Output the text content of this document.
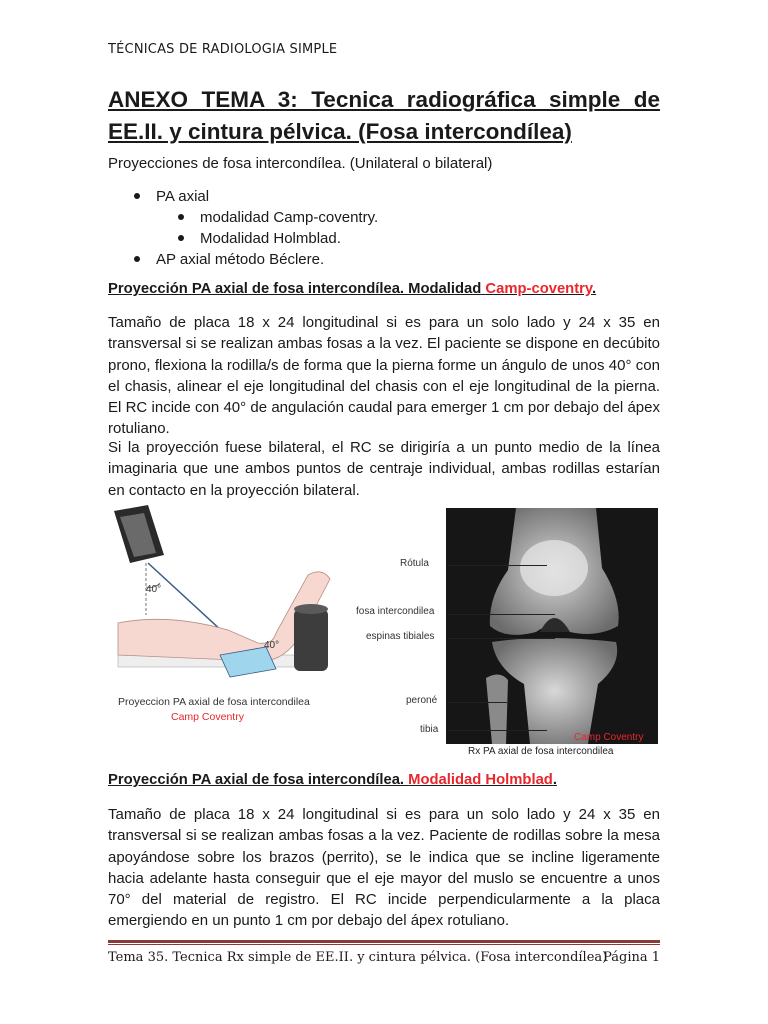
TÉCNICAS DE RADIOLOGIA SIMPLE
ANEXO TEMA 3: Tecnica radiográfica simple de EE.II. y cintura pélvica. (Fosa intercondílea)
Proyecciones de fosa intercondílea. (Unilateral o bilateral)
PA axial
modalidad Camp-coventry.
Modalidad Holmblad.
AP axial método Béclere.
Proyección PA axial de fosa intercondílea. Modalidad Camp-coventry.

Tamaño de placa 18 x 24 longitudinal si es para un solo lado y 24 x 35 en transversal si se realizan ambas fosas a la vez. El paciente se dispone en decúbito prono, flexiona la rodilla/s de forma que la pierna forme un ángulo de unos 40° con el chasis, alinear el eje longitudinal del chasis con el eje longitudinal de la pierna. El RC incide con 40° de angulación caudal para emerger 1 cm por debajo del ápex rotuliano.

Si la proyección fuese bilateral, el RC se dirigiría a un punto medio de la línea imaginaria que une ambos puntos de centraje individual, ambas rodillas estarían en contacto en la proyección bilateral.

40°
40°
Proyeccion PA axial de fosa intercondilea
Camp Coventry
Rótula
fosa intercondilea
espinas tibiales
peroné
tibia
Camp Coventry
Rx PA axial de fosa intercondilea
Proyección PA axial de fosa intercondílea. Modalidad Holmblad.

Tamaño de placa 18 x 24 longitudinal si es para un solo lado y 24 x 35 en transversal si se realizan ambas fosas a la vez. Paciente de rodillas sobre la mesa apoyándose sobre los brazos (perrito), se le indica que se incline ligeramente hacia adelante hasta conseguir que el eje mayor del muslo se encuentre a unos 70° del material de registro. El RC incide perpendicularmente a la placa emergiendo en un punto 1 cm por debajo del ápex rotuliano.

Tema 35. Tecnica Rx simple de EE.II. y cintura pélvica. (Fosa intercondílea)
Página 1
